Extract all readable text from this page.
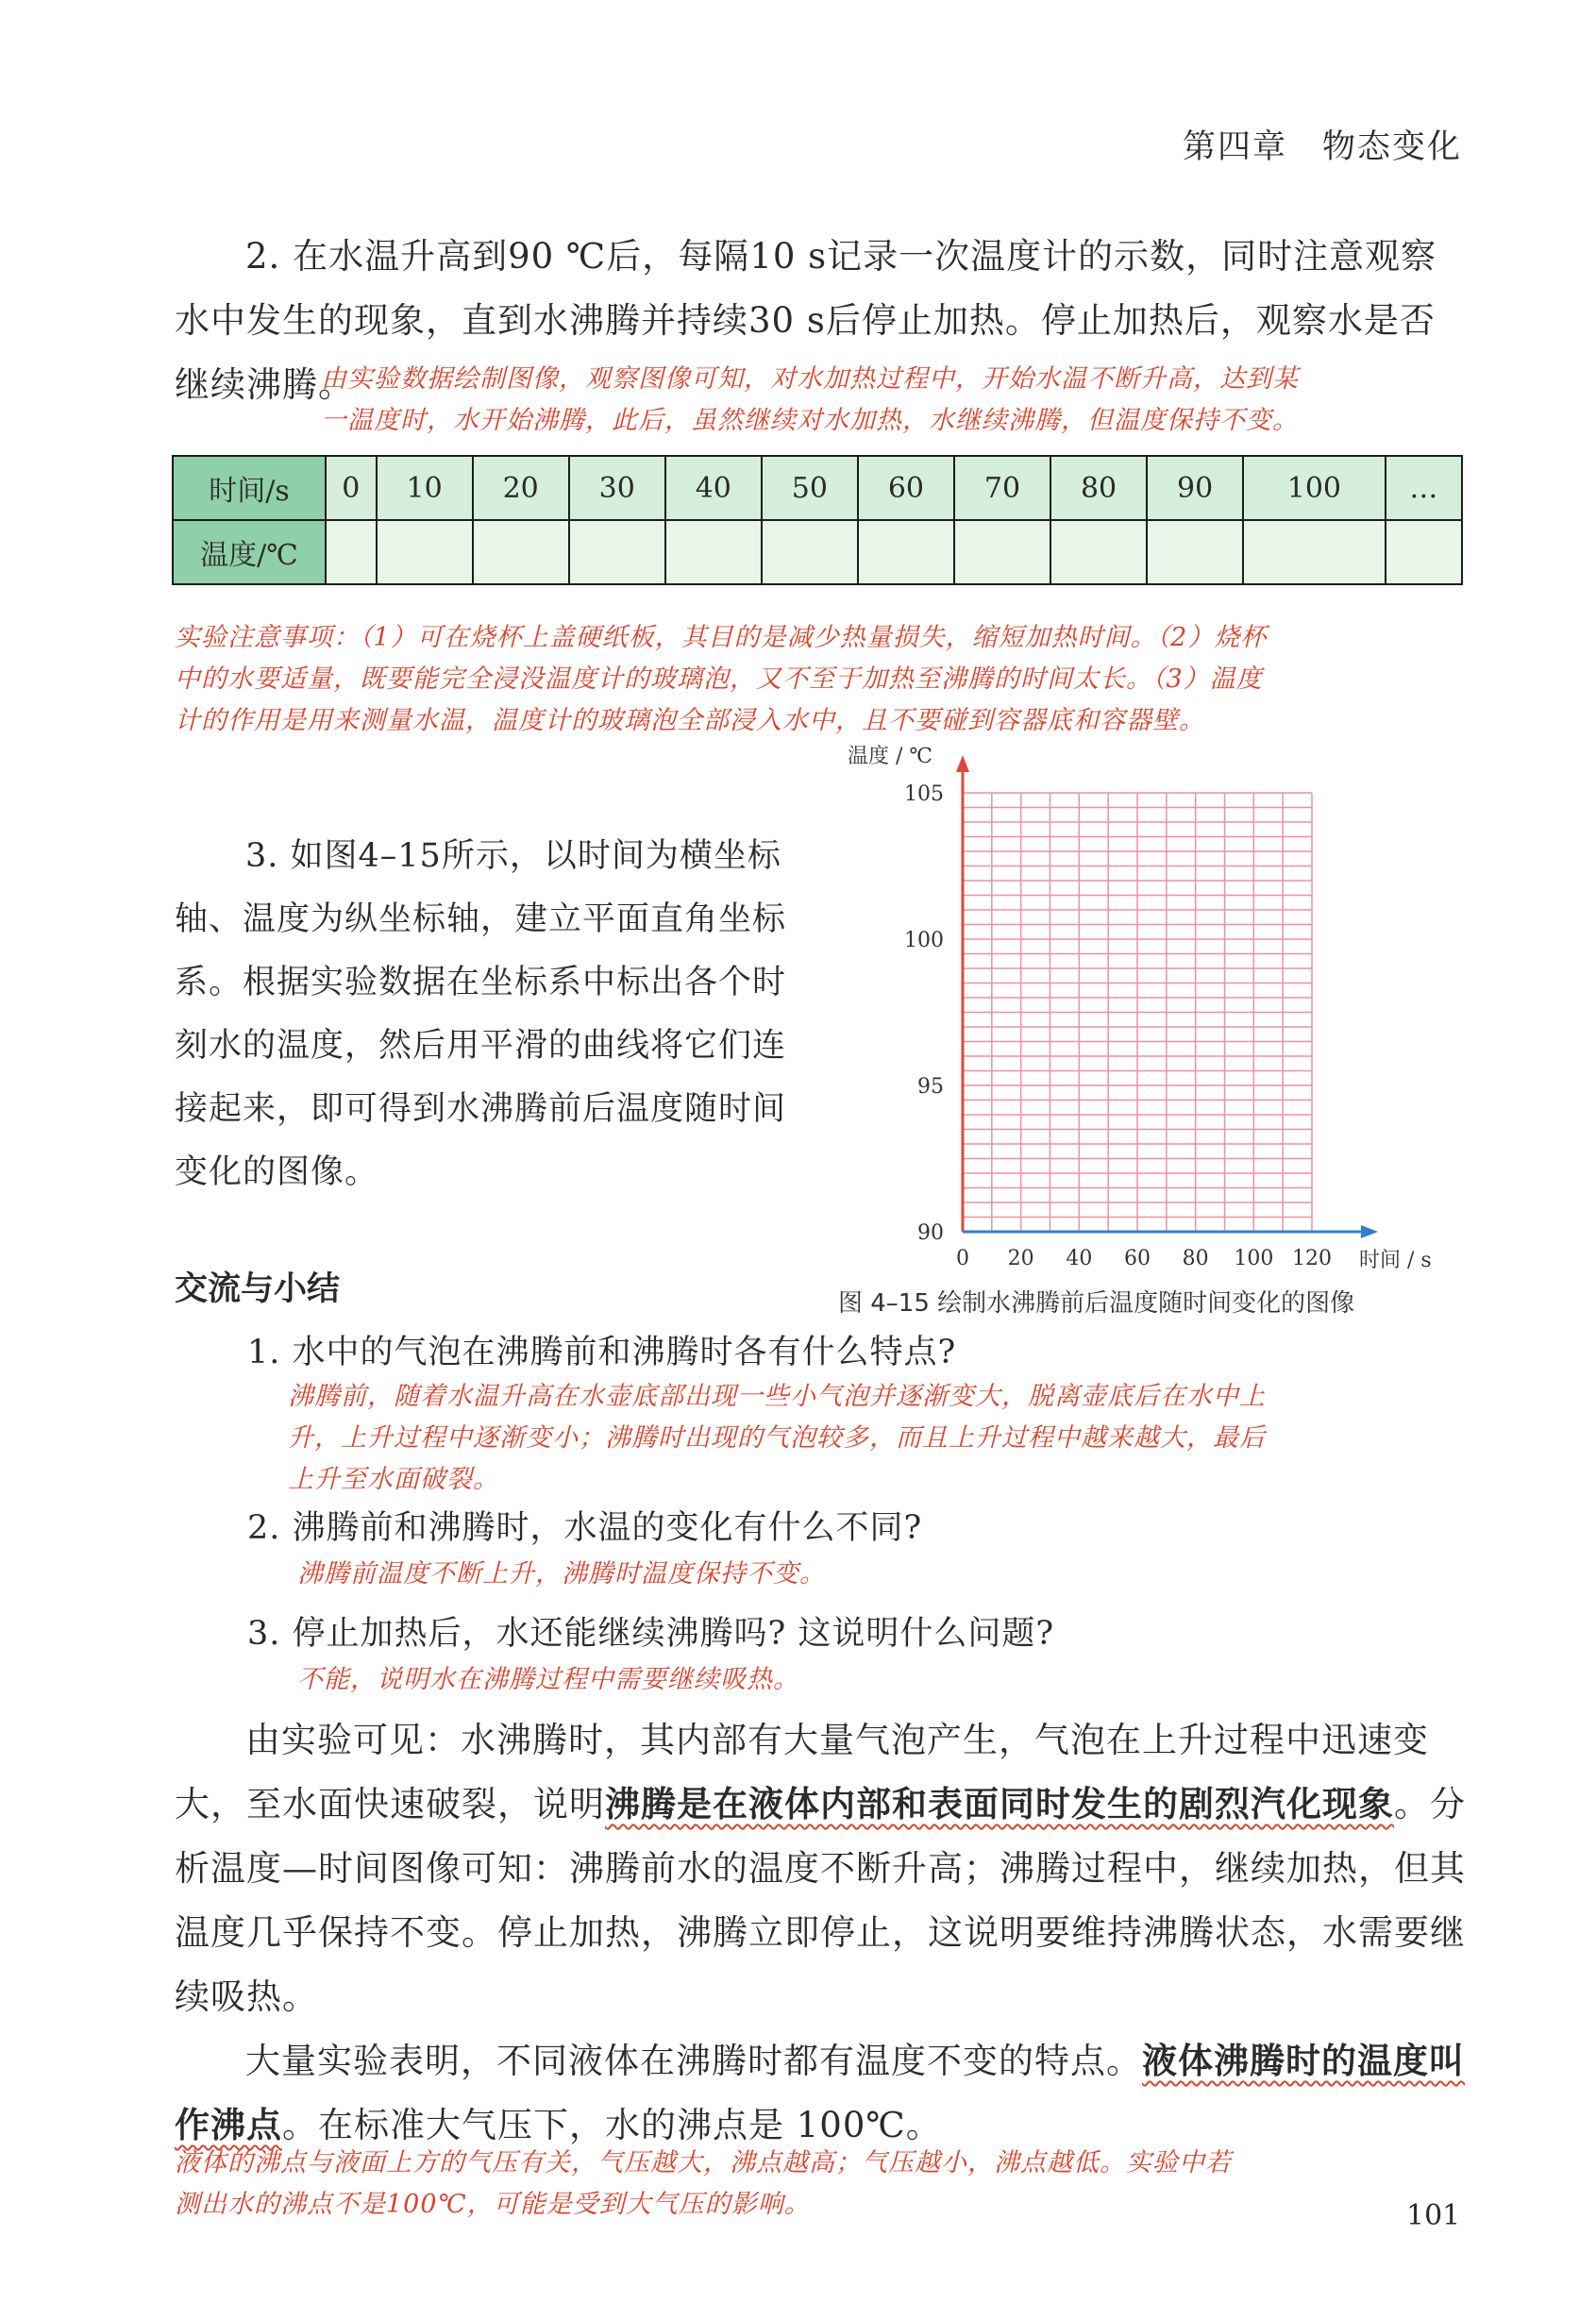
第四章　物态变化

2. 在水温升高到90 ℃后，每隔10 s记录一次温度计的示数，同时注意观察水中发生的现象，直到水沸腾并持续30 s后停止加热。停止加热后，观察水是否继续沸腾。

由实验数据绘制图像，观察图像可知，对水加热过程中，开始水温不断升高，达到某
一温度时，水开始沸腾，此后，虽然继续对水加热，水继续沸腾，但温度保持不变。
时间/s	0	10	20	30	40	50	60	70	80	90	100	…
温度/℃												
实验注意事项：（1）可在烧杯上盖硬纸板，其目的是减少热量损失，缩短加热时间。（2）烧杯
中的水要适量，既要能完全浸没温度计的玻璃泡，又不至于加热至沸腾的时间太长。（3）温度
计的作用是用来测量水温，温度计的玻璃泡全部浸入水中，且不要碰到容器底和容器壁。

3. 如图4–15所示，以时间为横坐标轴、温度为纵坐标轴，建立平面直角坐标系。根据实验数据在坐标系中标出各个时刻水的温度，然后用平滑的曲线将它们连接起来，即可得到水沸腾前后温度随时间变化的图像。

温度 / ℃
时间 / s
90
95
100
105
0 20 40 60 80 100 120
图 4–15 绘制水沸腾前后温度随时间变化的图像
交流与小结
1. 水中的气泡在沸腾前和沸腾时各有什么特点?
沸腾前，随着水温升高在水壶底部出现一些小气泡并逐渐变大，脱离壶底后在水中上
升，上升过程中逐渐变小；沸腾时出现的气泡较多，而且上升过程中越来越大，最后
上升至水面破裂。
2. 沸腾前和沸腾时，水温的变化有什么不同?
沸腾前温度不断上升，沸腾时温度保持不变。
3. 停止加热后，水还能继续沸腾吗? 这说明什么问题?
不能，说明水在沸腾过程中需要继续吸热。

由实验可见：水沸腾时，其内部有大量气泡产生，气泡在上升过程中迅速变大，至水面快速破裂，说明沸腾是在液体内部和表面同时发生的剧烈汽化现象。分析温度—时间图像可知：沸腾前水的温度不断升高；沸腾过程中，继续加热，但其温度几乎保持不变。停止加热，沸腾立即停止，这说明要维持沸腾状态，水需要继续吸热。

大量实验表明，不同液体在沸腾时都有温度不变的特点。液体沸腾时的温度叫作沸点。在标准大气压下，水的沸点是 100℃。

液体的沸点与液面上方的气压有关，气压越大，沸点越高；气压越小，沸点越低。实验中若
测出水的沸点不是100℃，可能是受到大气压的影响。	101
